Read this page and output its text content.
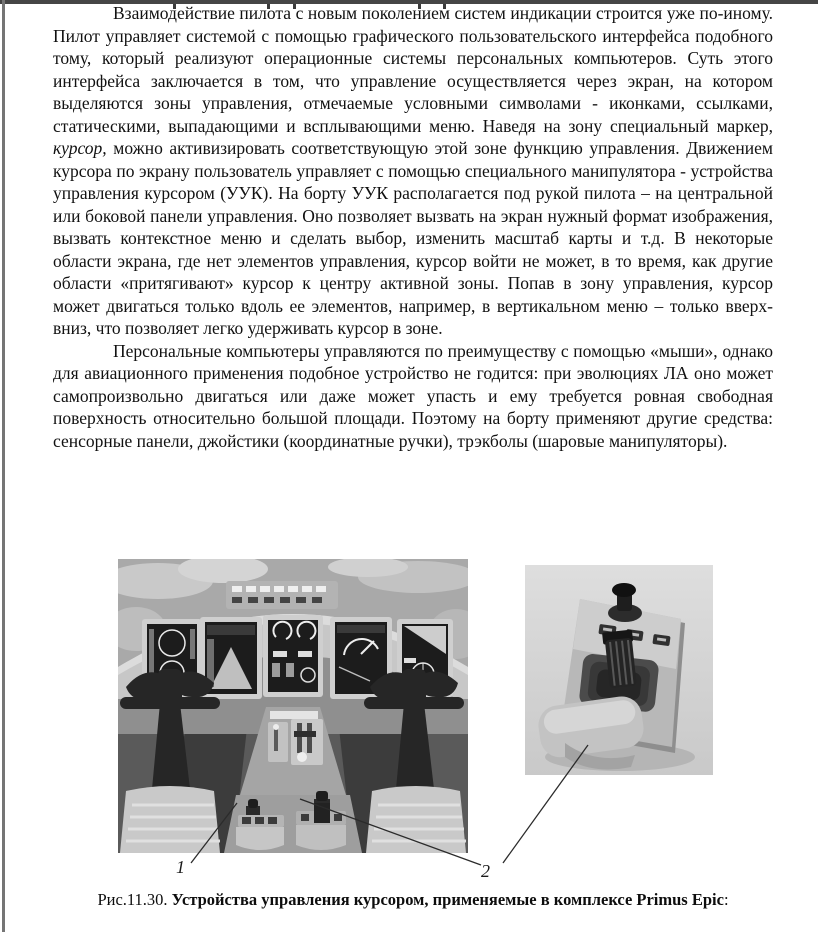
Взаимодействие пилота с новым поколением систем индикации строится уже по-иному. Пилот управляет системой с помощью графического пользовательского интерфейса подобного тому, который реализуют операционные системы персональных компьютеров. Суть этого интерфейса заключается в том, что управление осуществляется через экран, на котором выделяются зоны управления, отмечаемые условными символами - иконками, ссылками, статическими, выпадающими и всплывающими меню. Наведя на зону специальный маркер, курсор, можно активизировать соответствующую этой зоне функцию управления. Движением курсора по экрану пользователь управляет с помощью специального манипулятора - устройства управления курсором (УУК). На борту УУК располагается под рукой пилота – на центральной или боковой панели управления. Оно позволяет вызвать на экран нужный формат изображения, вызвать контекстное меню и сделать выбор, изменить масштаб карты и т.д. В некоторые области экрана, где нет элементов управления, курсор войти не может, в то время, как другие области «притягивают» курсор к центру активной зоны. Попав в зону управления, курсор может двигаться только вдоль ее элементов, например, в вертикальном меню – только вверх-вниз, что позволяет легко удерживать курсор в зоне.

Персональные компьютеры управляются по преимуществу с помощью «мыши», однако для авиационного применения подобное устройство не годится: при эволюциях ЛА оно может самопроизвольно двигаться или даже может упасть и ему требуется ровная свободная поверхность относительно большой площади. Поэтому на борту применяют другие средства: сенсорные панели, джойстики (координатные ручки), трэкболы (шаровые манипуляторы).

1	2
Рис.11.30. Устройства управления курсором, применяемые в комплексе Primus Epic:
